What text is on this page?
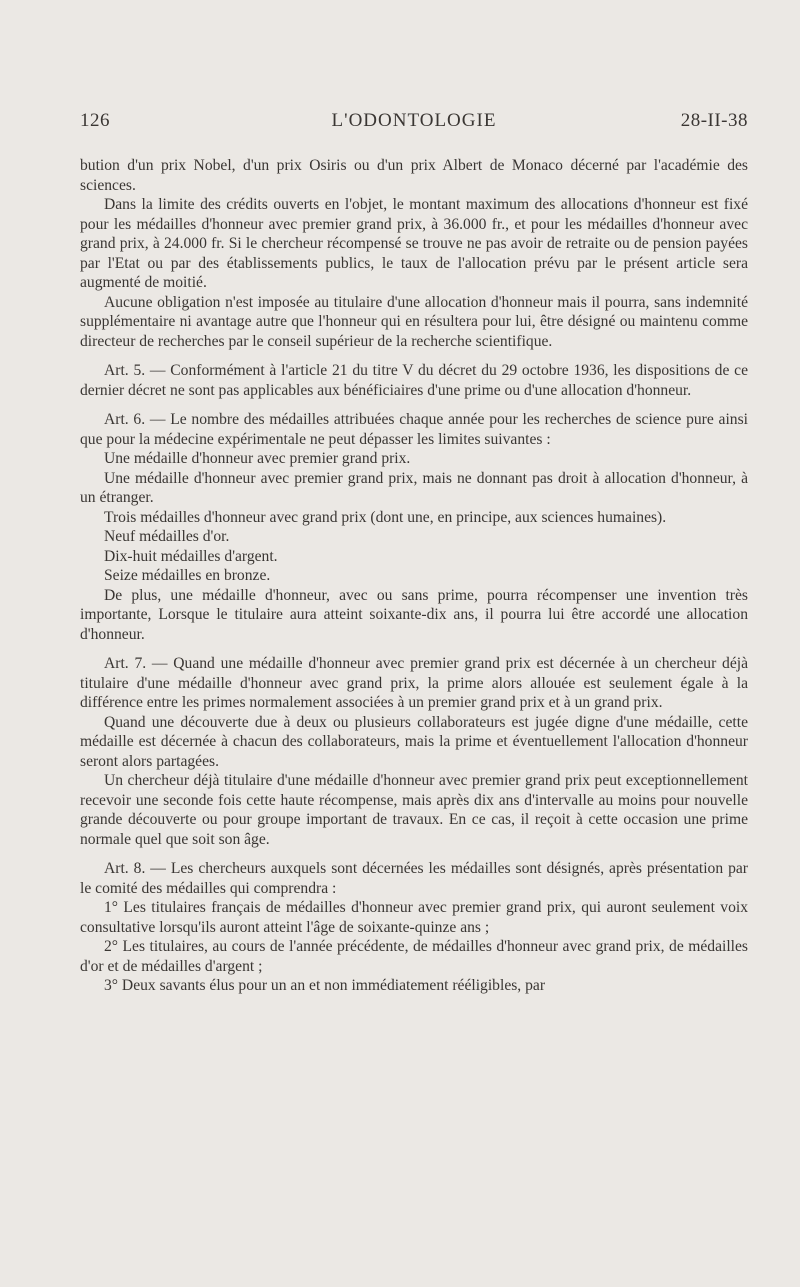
126	L'ODONTOLOGIE	28-II-38

bution d'un prix Nobel, d'un prix Osiris ou d'un prix Albert de Monaco décerné par l'académie des sciences.

Dans la limite des crédits ouverts en l'objet, le montant maximum des allocations d'honneur est fixé pour les médailles d'honneur avec premier grand prix, à 36.000 fr., et pour les médailles d'honneur avec grand prix, à 24.000 fr. Si le chercheur récompensé se trouve ne pas avoir de retraite ou de pension payées par l'Etat ou par des établissements publics, le taux de l'allocation prévu par le présent article sera augmenté de moitié.

Aucune obligation n'est imposée au titulaire d'une allocation d'honneur mais il pourra, sans indemnité supplémentaire ni avantage autre que l'honneur qui en résultera pour lui, être désigné ou maintenu comme directeur de recherches par le conseil supérieur de la recherche scientifique.

Art. 5. — Conformément à l'article 21 du titre V du décret du 29 octobre 1936, les dispositions de ce dernier décret ne sont pas applicables aux bénéficiaires d'une prime ou d'une allocation d'honneur.

Art. 6. — Le nombre des médailles attribuées chaque année pour les recherches de science pure ainsi que pour la médecine expérimentale ne peut dépasser les limites suivantes :

Une médaille d'honneur avec premier grand prix.

Une médaille d'honneur avec premier grand prix, mais ne donnant pas droit à allocation d'honneur, à un étranger.

Trois médailles d'honneur avec grand prix (dont une, en principe, aux sciences humaines).

Neuf médailles d'or.

Dix-huit médailles d'argent.

Seize médailles en bronze.

De plus, une médaille d'honneur, avec ou sans prime, pourra récompenser une invention très importante, Lorsque le titulaire aura atteint soixante-dix ans, il pourra lui être accordé une allocation d'honneur.

Art. 7. — Quand une médaille d'honneur avec premier grand prix est décernée à un chercheur déjà titulaire d'une médaille d'honneur avec grand prix, la prime alors allouée est seulement égale à la différence entre les primes normalement associées à un premier grand prix et à un grand prix.

Quand une découverte due à deux ou plusieurs collaborateurs est jugée digne d'une médaille, cette médaille est décernée à chacun des collaborateurs, mais la prime et éventuellement l'allocation d'honneur seront alors partagées.

Un chercheur déjà titulaire d'une médaille d'honneur avec premier grand prix peut exceptionnellement recevoir une seconde fois cette haute récompense, mais après dix ans d'intervalle au moins pour nouvelle grande découverte ou pour groupe important de travaux. En ce cas, il reçoit à cette occasion une prime normale quel que soit son âge.

Art. 8. — Les chercheurs auxquels sont décernées les médailles sont désignés, après présentation par le comité des médailles qui comprendra :

1° Les titulaires français de médailles d'honneur avec premier grand prix, qui auront seulement voix consultative lorsqu'ils auront atteint l'âge de soixante-quinze ans ;

2° Les titulaires, au cours de l'année précédente, de médailles d'honneur avec grand prix, de médailles d'or et de médailles d'argent ;

3° Deux savants élus pour un an et non immédiatement rééligibles, par
